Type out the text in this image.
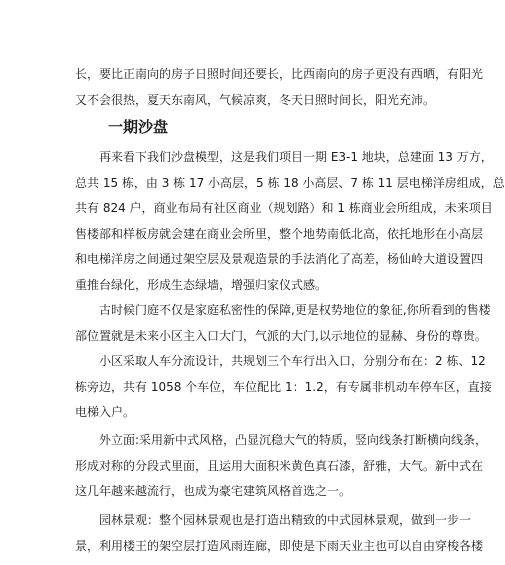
长，要比正南向的房子日照时间还要长，比西南向的房子更没有西晒，有阳光
又不会很热，夏天东南风，气候凉爽，冬天日照时间长，阳光充沛。
一期沙盘
再来看下我们沙盘模型，这是我们项目一期 E3-1 地块，总建面 13 万方，
总共 15 栋，由 3 栋 17 小高层，5 栋 18 小高层、7 栋 11 层电梯洋房组成，总
共有 824 户，商业布局有社区商业（规划路）和 1 栋商业会所组成，未来项目
售楼部和样板房就会建在商业会所里，整个地势南低北高，依托地形在小高层
和电梯洋房之间通过架空层及景观造景的手法消化了高差，杨仙岭大道设置四
重推台绿化，形成生态绿墙，增强归家仪式感。
古时候门庭不仅是家庭私密性的保障,更是权势地位的象征,你所看到的售楼
部位置就是未来小区主入口大门，气派的大门,以示地位的显赫、身份的尊贵。
小区采取人车分流设计，共规划三个车行出入口，分别分布在：2 栋、12
栋旁边，共有 1058 个车位，车位配比 1：1.2，有专属非机动车停车区，直接
电梯入户。
外立面:采用新中式风格，凸显沉稳大气的特质，竖向线条打断横向线条，
形成对称的分段式里面，且运用大面积米黄色真石漆，舒雅，大气。新中式在
这几年越来越流行，也成为豪宅建筑风格首选之一。
园林景观：整个园林景观也是打造出精致的中式园林景观，做到一步一
景，利用楼王的架空层打造风雨连廊，即使是下雨天业主也可以自由穿梭各楼
